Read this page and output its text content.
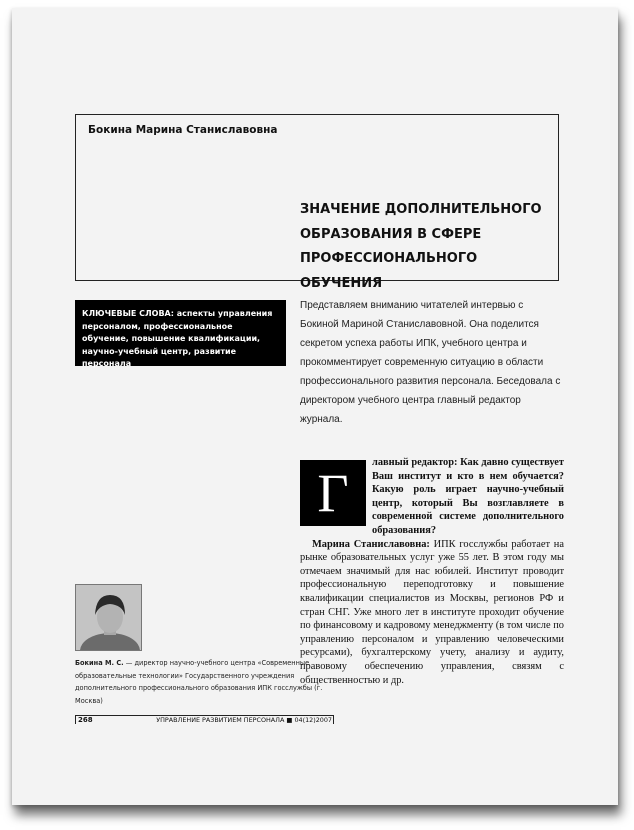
Бокина Марина Станиславовна
ЗНАЧЕНИЕ ДОПОЛНИТЕЛЬНОГО
ОБРАЗОВАНИЯ В СФЕРЕ
ПРОФЕССИОНАЛЬНОГО ОБУЧЕНИЯ
КЛЮЧЕВЫЕ СЛОВА: аспекты управления персоналом, профессиональное обучение, повышение квалификации, научно-учебный центр, развитие персонала
Представляем вниманию читателей интервью с Бокиной Мариной Станиславовной. Она поделится секретом успеха работы ИПК, учебного центра и прокомментирует современную ситуацию в области профессионального развития персонала. Беседовала с директором учебного центра главный редактор журнала.
Г

лавный редактор: Как давно существует Ваш институт и кто в нем обучается? Какую роль играет научно-учебный центр, который Вы возглавляете в современной системе дополнительного образования?

Марина Станиславовна: ИПК госслужбы работает на рынке образовательных услуг уже 55 лет. В этом году мы отмечаем значимый для нас юбилей. Институт проводит профессиональную переподготовку и повышение квалификации специалистов из Москвы, регионов РФ и стран СНГ. Уже много лет в институте проходит обучение по финансовому и кадровому менеджменту (в том числе по управлению персоналом и управлению человеческими ресурсами), бухгалтерскому учету, анализу и аудиту, правовому обеспечению управления, связям с общественностью и др.

Бокина М. С. — директор научно-учебного центра «Современные образовательные технологии» Государственного учреждения дополнительного профессионального образования ИПК госслужбы (г. Москва)
268	УПРАВЛЕНИЕ РАЗВИТИЕМ ПЕРСОНАЛА ■ 04(12)2007
